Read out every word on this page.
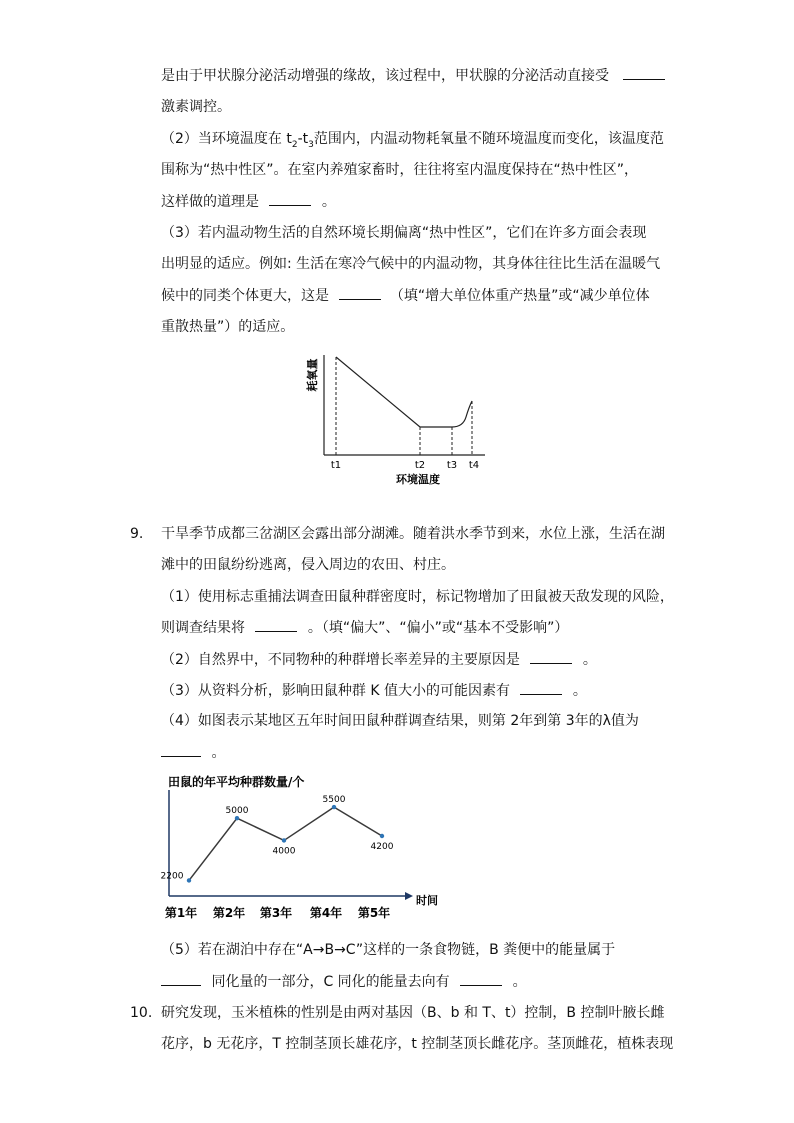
是由于甲状腺分泌活动增强的缘故，该过程中，甲状腺的分泌活动直接受
激素调控。
（2）当环境温度在 $t_2-t_3$范围内，内温动物耗氧量不随环境温度而变化，该温度范
围称为“热中性区”。在室内养殖家畜时，往往将室内温度保持在“热中性区”，
这样做的道理是	。
（3）若内温动物生活的自然环境长期偏离“热中性区”，它们在许多方面会表现
出明显的适应。例如: 生活在寒冷气候中的内温动物，其身体往往比生活在温暖气
候中的同类个体更大，这是	（填“增大单位体重产热量”或“减少单位体
重散热量”）的适应。
t1	t2 t3 t4
环境温度
耗氧量
9. 干旱季节成都三岔湖区会露出部分湖滩。随着洪水季节到来，水位上涨，生活在湖
滩中的田鼠纷纷逃离，侵入周边的农田、村庄。
（1）使用标志重捕法调查田鼠种群密度时，标记物增加了田鼠被天敌发现的风险，
则调查结果将	。（填“偏大”、“偏小”或“基本不受影响”）
（2）自然界中，不同物种的种群增长率差异的主要原因是	。
（3）从资料分析，影响田鼠种群 K 值大小的可能因素有	。
（4）如图表示某地区五年时间田鼠种群调查结果，则第 2年到第 3年的λ值为
。
田鼠的年平均种群数量/个
时间
2200
第1年
5000
第2年
4000
第3年
5500
第4年
4200
第5年
（5）若在湖泊中存在“A→B→C”这样的一条食物链，B 粪便中的能量属于
同化量的一部分，C 同化的能量去向有	。
10. 研究发现，玉米植株的性别是由两对基因（B、b 和 T、t）控制，B 控制叶腋长雌
花序，b 无花序，T 控制茎顶长雄花序，t 控制茎顶长雌花序。茎顶雌花，植株表现
